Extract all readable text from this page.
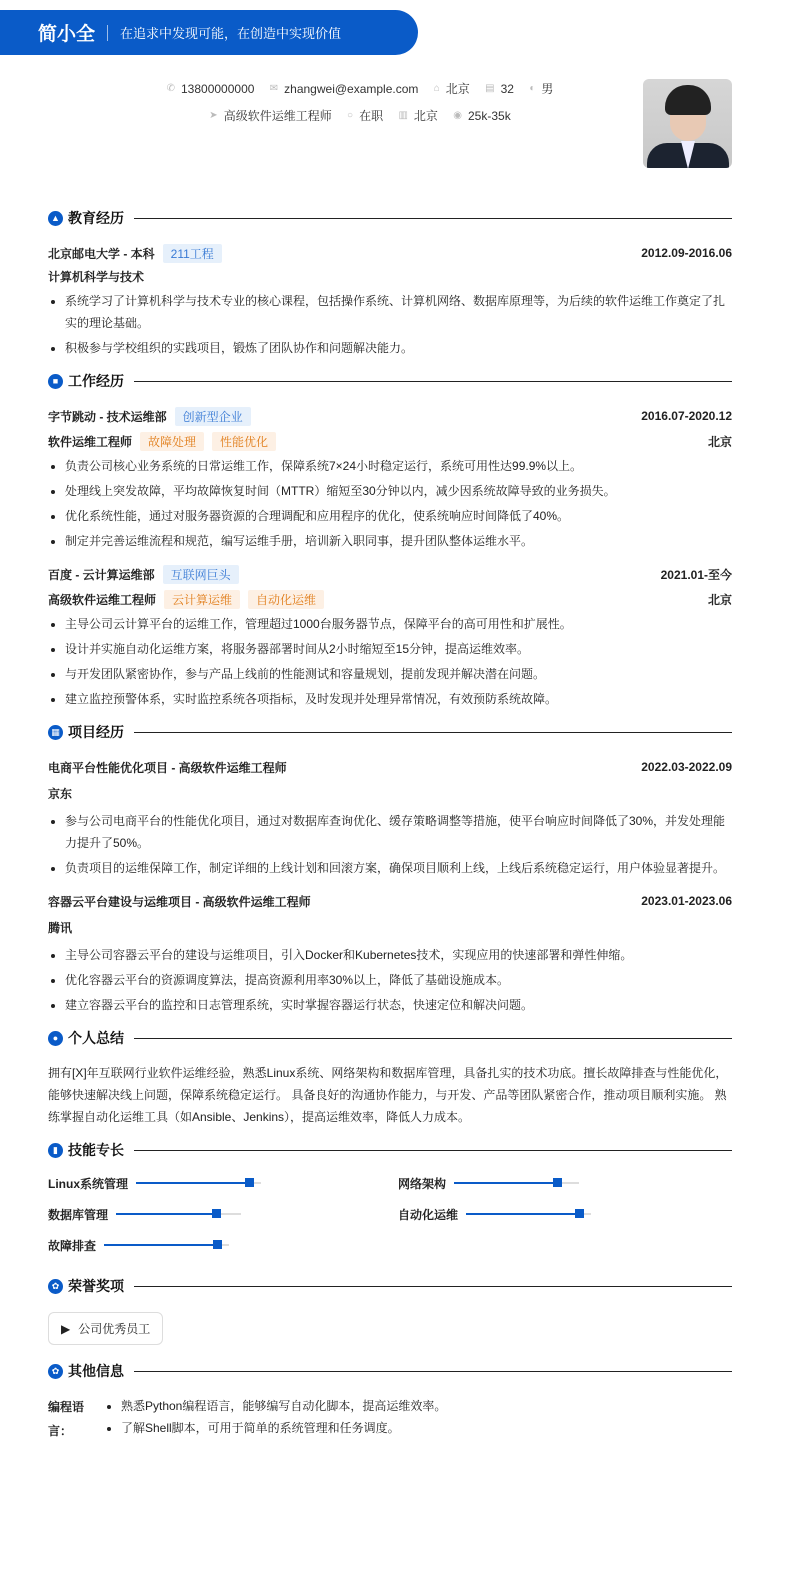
简小全 在追求中发现可能，在创造中实现价值
✆ 13800000000
✉ zhangwei@example.com
⌂ 北京
▤ 32
◐ 男
➤ 高级软件运维工程师
○ 在职
▥ 北京
◉ 25k-35k
▲ 教育经历
北京邮电大学 - 本科	211工程	2012.09-2016.06
计算机科学与技术
系统学习了计算机科学与技术专业的核心课程，包括操作系统、计算机网络、数据库原理等，为后续的软件运维工作奠定了扎实的理论基础。
积极参与学校组织的实践项目，锻炼了团队协作和问题解决能力。
■ 工作经历
字节跳动 - 技术运维部	创新型企业	2016.07-2020.12
软件运维工程师	故障处理	性能优化	北京
负责公司核心业务系统的日常运维工作，保障系统7×24小时稳定运行，系统可用性达99.9%以上。
处理线上突发故障，平均故障恢复时间（MTTR）缩短至30分钟以内，减少因系统故障导致的业务损失。
优化系统性能，通过对服务器资源的合理调配和应用程序的优化，使系统响应时间降低了40%。
制定并完善运维流程和规范，编写运维手册，培训新入职同事，提升团队整体运维水平。
百度 - 云计算运维部	互联网巨头	2021.01-至今
高级软件运维工程师	云计算运维	自动化运维	北京
主导公司云计算平台的运维工作，管理超过1000台服务器节点，保障平台的高可用性和扩展性。
设计并实施自动化运维方案，将服务器部署时间从2小时缩短至15分钟，提高运维效率。
与开发团队紧密协作，参与产品上线前的性能测试和容量规划，提前发现并解决潜在问题。
建立监控预警体系，实时监控系统各项指标，及时发现并处理异常情况，有效预防系统故障。
▦ 项目经历
电商平台性能优化项目 - 高级软件运维工程师	2022.03-2022.09
京东
参与公司电商平台的性能优化项目，通过对数据库查询优化、缓存策略调整等措施，使平台响应时间降低了30%，并发处理能力提升了50%。
负责项目的运维保障工作，制定详细的上线计划和回滚方案，确保项目顺利上线，上线后系统稳定运行，用户体验显著提升。
容器云平台建设与运维项目 - 高级软件运维工程师	2023.01-2023.06
腾讯
主导公司容器云平台的建设与运维项目，引入Docker和Kubernetes技术，实现应用的快速部署和弹性伸缩。
优化容器云平台的资源调度算法，提高资源利用率30%以上，降低了基础设施成本。
建立容器云平台的监控和日志管理系统，实时掌握容器运行状态，快速定位和解决问题。
● 个人总结

拥有[X]年互联网行业软件运维经验，熟悉Linux系统、网络架构和数据库管理，具备扎实的技术功底。擅长故障排查与性能优化，能够快速解决线上问题，保障系统稳定运行。 具备良好的沟通协作能力，与开发、产品等团队紧密合作，推动项目顺利实施。 熟练掌握自动化运维工具（如Ansible、Jenkins），提高运维效率，降低人力成本。

▮ 技能专长
Linux系统管理	网络架构
数据库管理	自动化运维
故障排查
✿ 荣誉奖项
▶ 公司优秀员工
✿ 其他信息
编程语言：
熟悉Python编程语言，能够编写自动化脚本，提高运维效率。
了解Shell脚本，可用于简单的系统管理和任务调度。
